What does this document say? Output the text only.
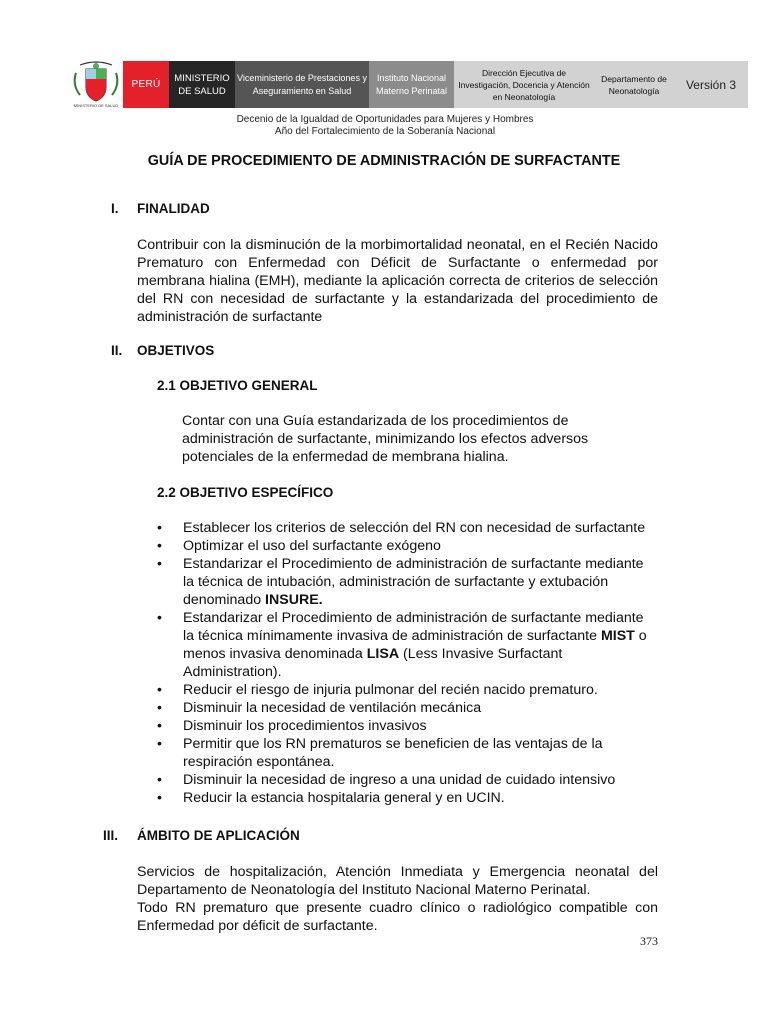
MINISTERIO DE SALUD
PERÚ
MINISTERIO
DE SALUD
Viceministerio de Prestaciones y
Aseguramiento en Salud
Instituto Nacional
Materno Perinatal
Dirección Ejecutiva de
Investigación, Docencia y Atención
en Neonatología
Departamento de
Neonatología	Versión 3
Decenio de la Igualdad de Oportunidades para Mujeres y Hombres
Año del Fortalecimiento de la Soberanía Nacional
GUÍA DE PROCEDIMIENTO DE ADMINISTRACIÓN DE SURFACTANTE
I. FINALIDAD
Contribuir con la disminución de la morbimortalidad neonatal, en el Recién Nacido
Prematuro con Enfermedad con Déficit de Surfactante o enfermedad por
membrana hialina (EMH), mediante la aplicación correcta de criterios de selección
del RN con necesidad de surfactante y la estandarizada del procedimiento de
administración de surfactante
II. OBJETIVOS
2.1 OBJETIVO GENERAL
Contar con una Guía estandarizada de los procedimientos de
administración de surfactante, minimizando los efectos adversos
potenciales de la enfermedad de membrana hialina.
2.2 OBJETIVO ESPECÍFICO
• Establecer los criterios de selección del RN con necesidad de surfactante
• Optimizar el uso del surfactante exógeno
• Estandarizar el Procedimiento de administración de surfactante mediante
la técnica de intubación, administración de surfactante y extubación
denominado INSURE.
• Estandarizar el Procedimiento de administración de surfactante mediante
la técnica mínimamente invasiva de administración de surfactante MIST o
menos invasiva denominada LISA (Less Invasive Surfactant
Administration).
• Reducir el riesgo de injuria pulmonar del recién nacido prematuro.
• Disminuir la necesidad de ventilación mecánica
• Disminuir los procedimientos invasivos
• Permitir que los RN prematuros se beneficien de las ventajas de la
respiración espontánea.
• Disminuir la necesidad de ingreso a una unidad de cuidado intensivo
• Reducir la estancia hospitalaria general y en UCIN.
III. ÁMBITO DE APLICACIÓN
Servicios de hospitalización, Atención Inmediata y Emergencia neonatal del
Departamento de Neonatología del Instituto Nacional Materno Perinatal.
Todo RN prematuro que presente cuadro clínico o radiológico compatible con
Enfermedad por déficit de surfactante.
373
